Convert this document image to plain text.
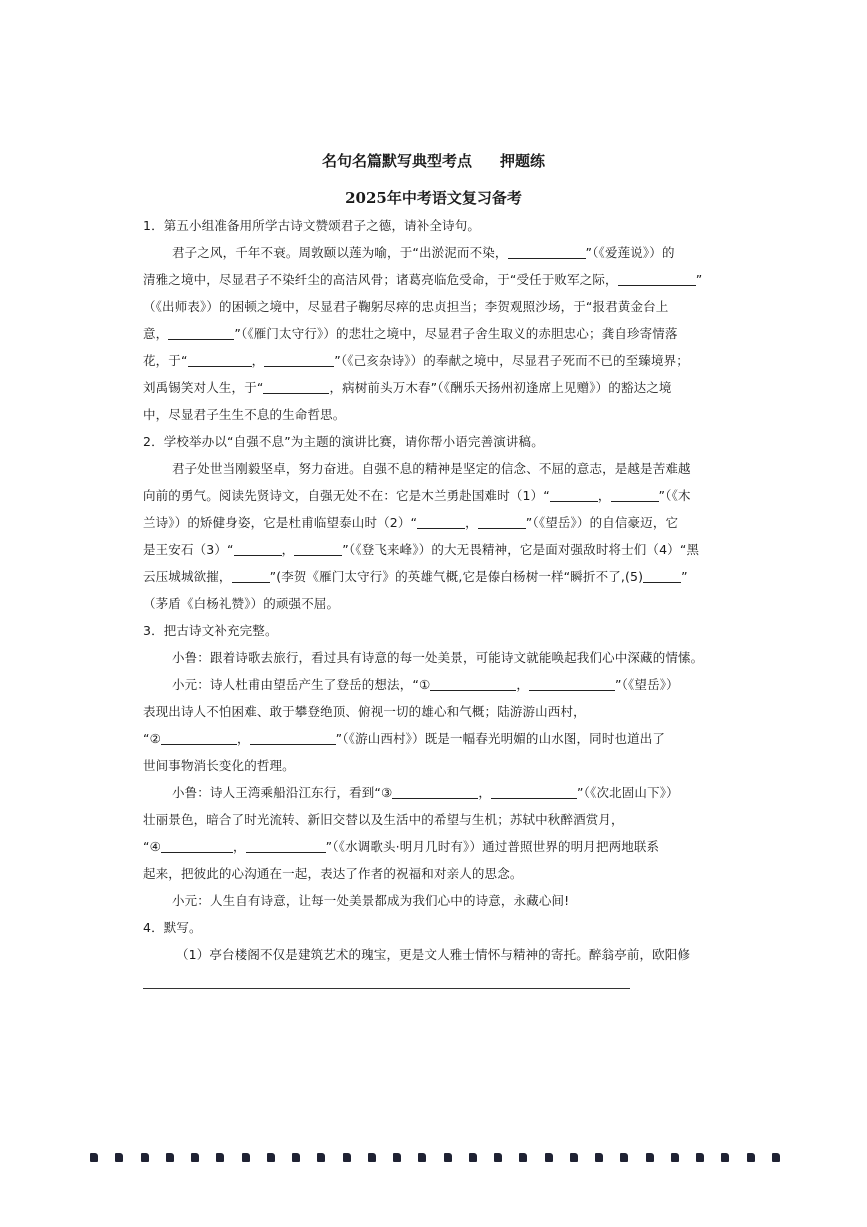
名句名篇默写典型考点 押题练
2025年中考语文复习备考
1．第五小组准备用所学古诗文赞颂君子之德，请补全诗句。
君子之风，千年不衰。周敦颐以莲为喻，于“出淤泥而不染，	”（《爱莲说》）的
清雅之境中，尽显君子不染纤尘的高洁风骨；诸葛亮临危受命，于“受任于败军之际，	”
（《出师表》）的困顿之境中，尽显君子鞠躬尽瘁的忠贞担当；李贺观照沙场，于“报君黄金台上
意，	”（《雁门太守行》）的悲壮之境中，尽显君子舍生取义的赤胆忠心；龚自珍寄情落
花，于“	，	”（《己亥杂诗》）的奉献之境中，尽显君子死而不已的至臻境界；
刘禹锡笑对人生，于“	，病树前头万木春”（《酬乐天扬州初逢席上见赠》）的豁达之境
中，尽显君子生生不息的生命哲思。
2．学校举办以“自强不息”为主题的演讲比赛，请你帮小语完善演讲稿。
君子处世当刚毅坚卓，努力奋进。自强不息的精神是坚定的信念、不屈的意志，是越是苦难越
向前的勇气。阅读先贤诗文，自强无处不在：它是木兰勇赴国难时（1）“	，	”（《木
兰诗》）的矫健身姿，它是杜甫临望泰山时（2）“	，	”（《望岳》）的自信豪迈，它
是王安石（3）“	，	”（《登飞来峰》）的大无畏精神，它是面对强敌时将士们（4）“黑
云压城城欲摧，	”(李贺《雁门太守行》的英雄气概,它是傣白杨树一样“瞬折不了,(5)	”
（茅盾《白杨礼赞》）的顽强不屈。
3．把古诗文补充完整。
小鲁：跟着诗歌去旅行，看过具有诗意的每一处美景，可能诗文就能唤起我们心中深藏的情愫。
小元：诗人杜甫由望岳产生了登岳的想法，“①	，	”（《望岳》）
表现出诗人不怕困难、敢于攀登绝顶、俯视一切的雄心和气概；陆游游山西村，
“②	，	”（《游山西村》）既是一幅春光明媚的山水图，同时也道出了
世间事物消长变化的哲理。
小鲁：诗人王湾乘船沿江东行，看到“③	，	”（《次北固山下》）
壮丽景色，暗合了时光流转、新旧交替以及生活中的希望与生机；苏轼中秋醉酒赏月，
“④	，	”（《水调歌头·明月几时有》）通过普照世界的明月把两地联系
起来，把彼此的心沟通在一起，表达了作者的祝福和对亲人的思念。
小元：人生自有诗意，让每一处美景都成为我们心中的诗意，永藏心间!
4．默写。
（1）亭台楼阁不仅是建筑艺术的瑰宝，更是文人雅士情怀与精神的寄托。醉翁亭前，欧阳修
